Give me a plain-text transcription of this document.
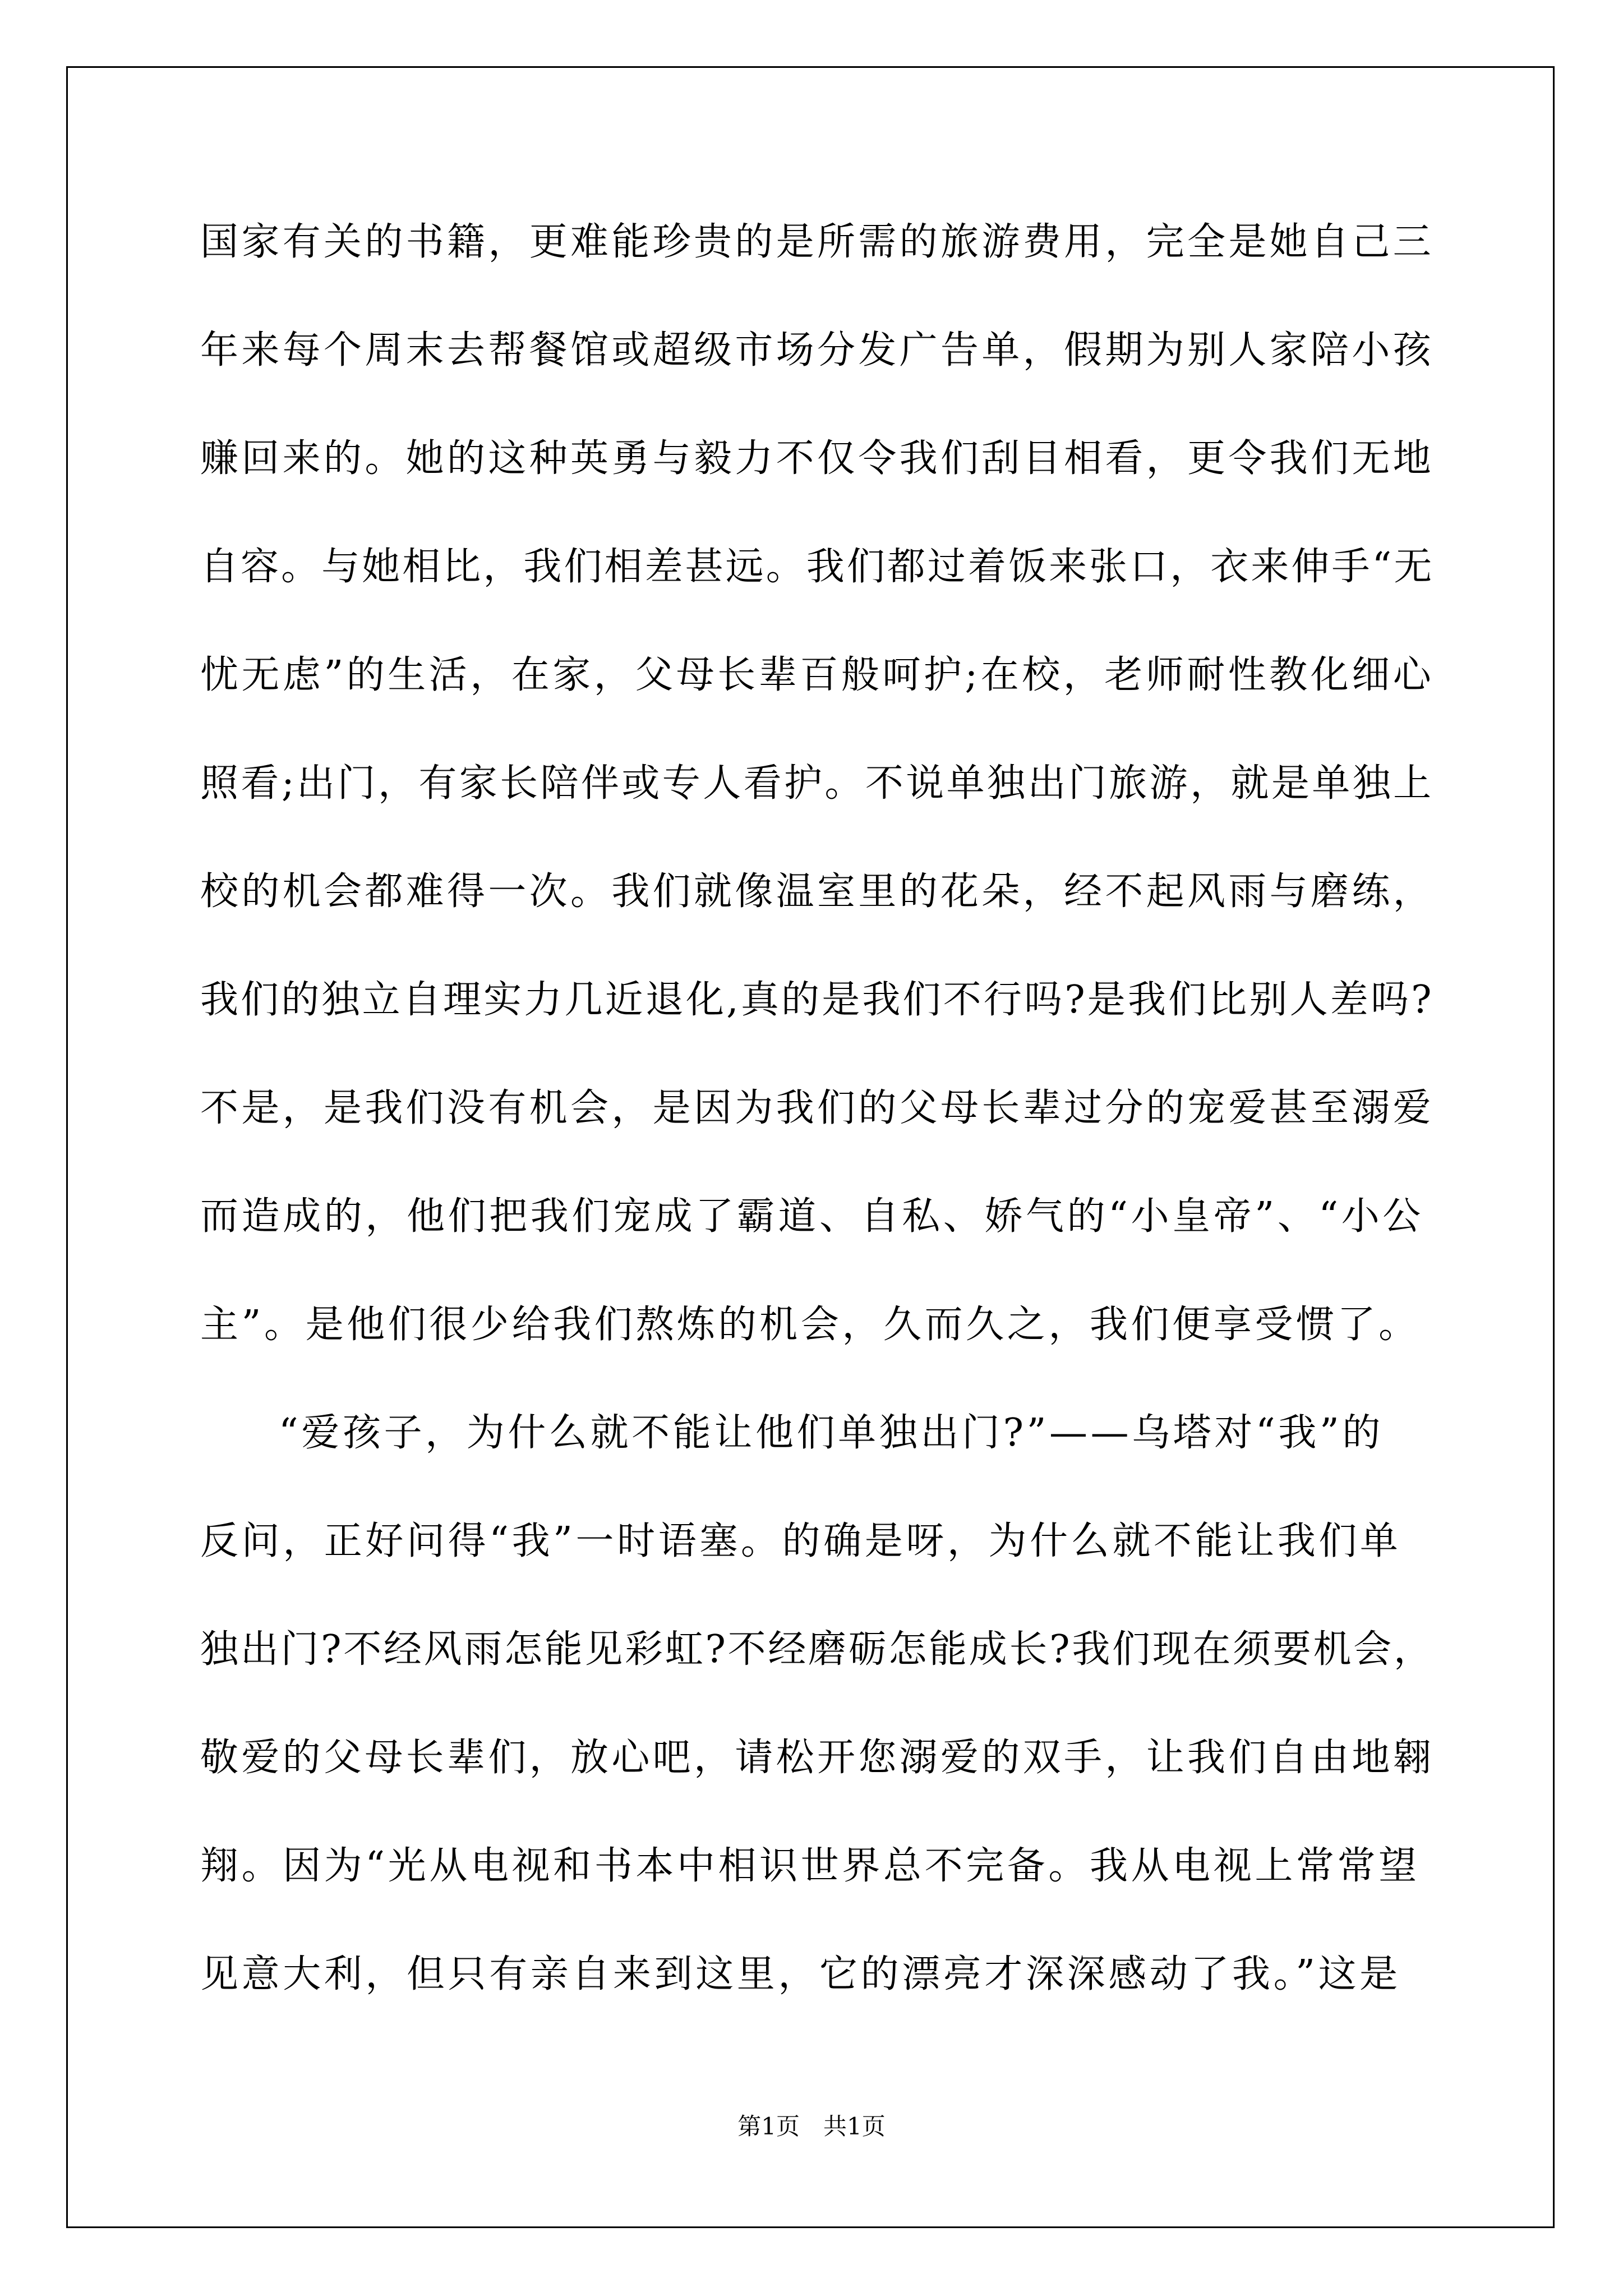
国家有关的书籍，更难能珍贵的是所需的旅游费用，完全是她自己三
年来每个周末去帮餐馆或超级市场分发广告单，假期为别人家陪小孩
赚回来的。她的这种英勇与毅力不仅令我们刮目相看，更令我们无地
自容。与她相比，我们相差甚远。我们都过着饭来张口，衣来伸手“无
忧无虑”的生活，在家，父母长辈百般呵护;在校，老师耐性教化细心
照看;出门，有家长陪伴或专人看护。不说单独出门旅游，就是单独上
校的机会都难得一次。我们就像温室里的花朵，经不起风雨与磨练，
我们的独立自理实力几近退化,真的是我们不行吗?是我们比别人差吗?
不是，是我们没有机会，是因为我们的父母长辈过分的宠爱甚至溺爱
而造成的，他们把我们宠成了霸道、自私、娇气的“小皇帝”、“小公
主”。是他们很少给我们熬炼的机会，久而久之，我们便享受惯了。
“爱孩子，为什么就不能让他们单独出门?”——乌塔对“我”的
反问，正好问得“我”一时语塞。的确是呀，为什么就不能让我们单
独出门?不经风雨怎能见彩虹?不经磨砺怎能成长?我们现在须要机会，
敬爱的父母长辈们，放心吧，请松开您溺爱的双手，让我们自由地翱
翔。因为“光从电视和书本中相识世界总不完备。我从电视上常常望
见意大利，但只有亲自来到这里，它的漂亮才深深感动了我。”这是
第1页　共1页
